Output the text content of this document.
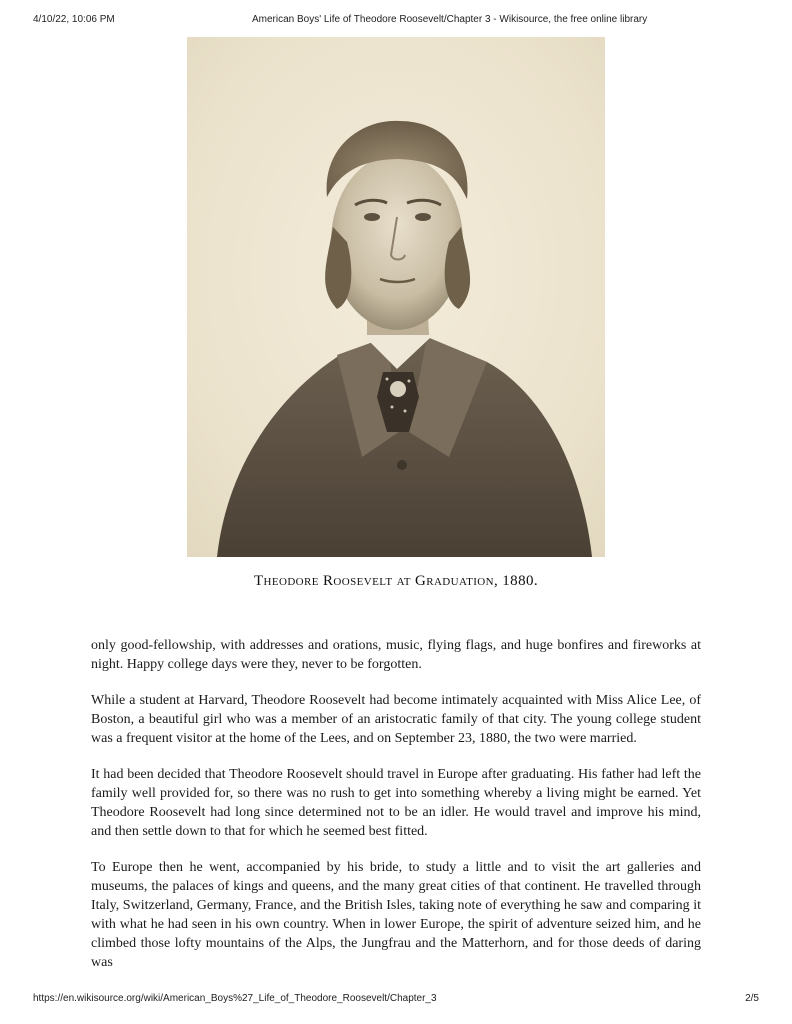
4/10/22, 10:06 PM	American Boys' Life of Theodore Roosevelt/Chapter 3 - Wikisource, the free online library
Theodore Roosevelt at Graduation, 1880.

only good-fellowship, with addresses and orations, music, flying flags, and huge bonfires and fireworks at night. Happy college days were they, never to be forgotten.

While a student at Harvard, Theodore Roosevelt had become intimately acquainted with Miss Alice Lee, of Boston, a beautiful girl who was a member of an aristocratic family of that city. The young college student was a frequent visitor at the home of the Lees, and on September 23, 1880, the two were married.

It had been decided that Theodore Roosevelt should travel in Europe after graduating. His father had left the family well provided for, so there was no rush to get into something whereby a living might be earned. Yet Theodore Roosevelt had long since determined not to be an idler. He would travel and improve his mind, and then settle down to that for which he seemed best fitted.

To Europe then he went, accompanied by his bride, to study a little and to visit the art galleries and museums, the palaces of kings and queens, and the many great cities of that continent. He travelled through Italy, Switzerland, Germany, France, and the British Isles, taking note of everything he saw and comparing it with what he had seen in his own country. When in lower Europe, the spirit of adventure seized him, and he climbed those lofty mountains of the Alps, the Jungfrau and the Matterhorn, and for those deeds of daring was

https://en.wikisource.org/wiki/American_Boys%27_Life_of_Theodore_Roosevelt/Chapter_3	2/5
